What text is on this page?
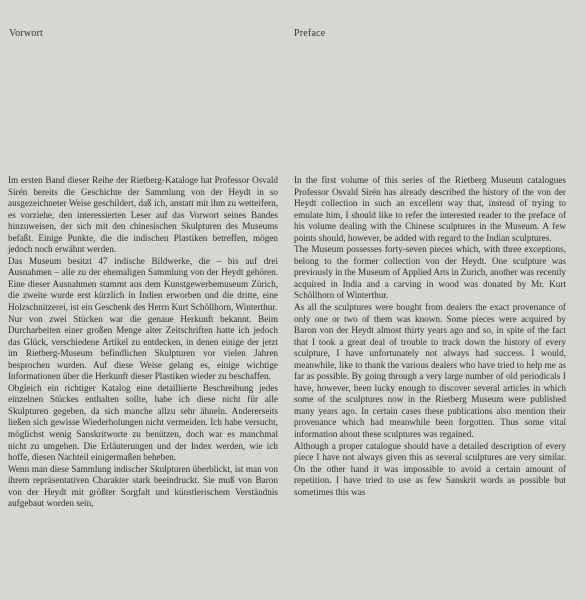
Vorwort	Preface

Im ersten Band dieser Reihe der Rietberg-Kataloge hat Professor Osvald Sirén bereits die Geschichte der Sammlung von der Heydt in so ausgezeichneter Weise geschildert, daß ich, anstatt mit ihm zu wetteifern, es vorziehe, den interessierten Leser auf das Vorwort seines Bandes hinzuweisen, der sich mit den chinesischen Skulpturen des Museums befaßt. Einige Punkte, die die indischen Plastiken betreffen, mögen jedoch noch erwähnt werden.

Das Museum besitzt 47 indische Bildwerke, die – bis auf drei Ausnahmen – alle zu der ehemaligen Sammlung von der Heydt gehören. Eine dieser Ausnahmen stammt aus dem Kunstgewerbemuseum Zürich, die zweite wurde erst kürzlich in Indien erworben und die dritte, eine Holzschnitzerei, ist ein Geschenk des Herrn Kurt Schöllhorn, Winterthur.

Nur von zwei Stücken war die genaue Herkunft bekannt. Beim Durcharbeiten einer großen Menge alter Zeitschriften hatte ich jedoch das Glück, verschiedene Artikel zu entdecken, in denen einige der jetzt im Rietberg-Museum befindlichen Skulpturen vor vielen Jahren besprochen wurden. Auf diese Weise gelang es, einige wichtige Informationen über die Herkunft dieser Plastiken wieder zu beschaffen.

Obgleich ein richtiger Katalog eine detaillierte Beschreibung jedes einzelnen Stückes enthalten sollte, habe ich diese nicht für alle Skulpturen gegeben, da sich manche allzu sehr ähneln. Andererseits ließen sich gewisse Wiederholungen nicht vermeiden. Ich habe versucht, möglichst wenig Sanskritworte zu benützen, doch war es manchmal nicht zu umgehen. Die Erläuterungen und der Index werden, wie ich hoffe, diesen Nachteil einigermaßen beheben.

Wenn man diese Sammlung indischer Skulpturen überblickt, ist man von ihrem repräsentativen Charakter stark beeindruckt. Sie muß von Baron von der Heydt mit größter Sorgfalt und künstlerischem Verständnis aufgebaut worden sein,

In the first volume of this series of the Rietberg Museum catalogues Professor Osvald Sirén has already described the history of the von der Heydt collection in such an excellent way that, instead of trying to emulate him, I should like to refer the interested reader to the preface of his volume dealing with the Chinese sculptures in the Museum. A few points should, however, be added with regard to the Indian sculptures.

The Museum possesses forty-seven pieces which, with three exceptions, belong to the former collection von der Heydt. One sculpture was previously in the Museum of Applied Arts in Zurich, another was recently acquired in India and a carving in wood was donated by Mr. Kurt Schöllhorn of Winterthur.

As all the sculptures were bought from dealers the exact provenance of only one or two of them was known. Some pieces were acquired by Baron von der Heydt almost thirty years ago and so, in spite of the fact that I took a great deal of trouble to track down the history of every sculpture, I have unfortunately not always had success. I would, meanwhile, like to thank the various dealers who have tried to help me as far as possible. By going through a very large number of old periodicals I have, however, been lucky enough to discover several articles in which some of the sculptures now in the Rietberg Museum were published many years ago. In certain cases these publications also mention their provenance which had meanwhile been forgotten. Thus some vital information about these sculptures was regained.

Although a proper catalogue should have a detailed description of every piece I have not always given this as several sculptures are very similar. On the other hand it was impossible to avoid a certain amount of repetition. I have tried to use as few Sanskrit words as possible but sometimes this was
